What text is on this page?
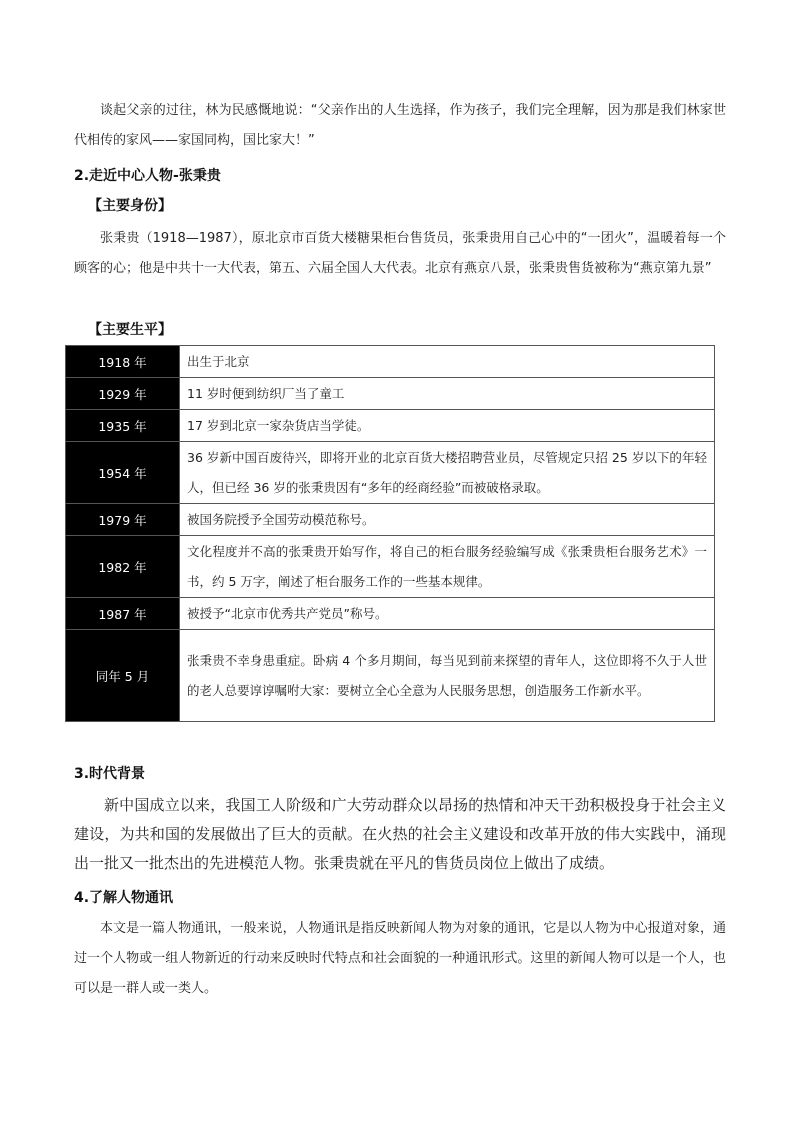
谈起父亲的过往，林为民感慨地说：“父亲作出的人生选择，作为孩子，我们完全理解，因为那是我们林家世代相传的家风——家国同构，国比家大！”

2.走近中心人物-张秉贵
【主要身份】

张秉贵（1918—1987），原北京市百货大楼糖果柜台售货员，张秉贵用自己心中的“一团火”，温暖着每一个顾客的心；他是中共十一大代表，第五、六届全国人大代表。北京有燕京八景，张秉贵售货被称为“燕京第九景”

【主要生平】
1918 年	出生于北京
1929 年	11 岁时便到纺织厂当了童工
1935 年	17 岁到北京一家杂货店当学徒。
1954 年	36 岁新中国百废待兴，即将开业的北京百货大楼招聘营业员，尽管规定只招 25 岁以下的年轻人，但已经 36 岁的张秉贵因有“多年的经商经验”而被破格录取。
1979 年	被国务院授予全国劳动模范称号。
1982 年	文化程度并不高的张秉贵开始写作，将自己的柜台服务经验编写成《张秉贵柜台服务艺术》一书，约 5 万字，阐述了柜台服务工作的一些基本规律。
1987 年	被授予“北京市优秀共产党员”称号。
同年 5 月	张秉贵不幸身患重症。卧病 4 个多月期间，每当见到前来探望的青年人，这位即将不久于人世的老人总要谆谆嘱咐大家：要树立全心全意为人民服务思想，创造服务工作新水平。
3.时代背景

新中国成立以来，我国工人阶级和广大劳动群众以昂扬的热情和冲天干劲积极投身于社会主义建设，为共和国的发展做出了巨大的贡献。在火热的社会主义建设和改革开放的伟大实践中，涌现出一批又一批杰出的先进模范人物。张秉贵就在平凡的售货员岗位上做出了成绩。

4.了解人物通讯

本文是一篇人物通讯，一般来说，人物通讯是指反映新闻人物为对象的通讯，它是以人物为中心报道对象，通过一个人物或一组人物新近的行动来反映时代特点和社会面貌的一种通讯形式。这里的新闻人物可以是一个人，也可以是一群人或一类人。
